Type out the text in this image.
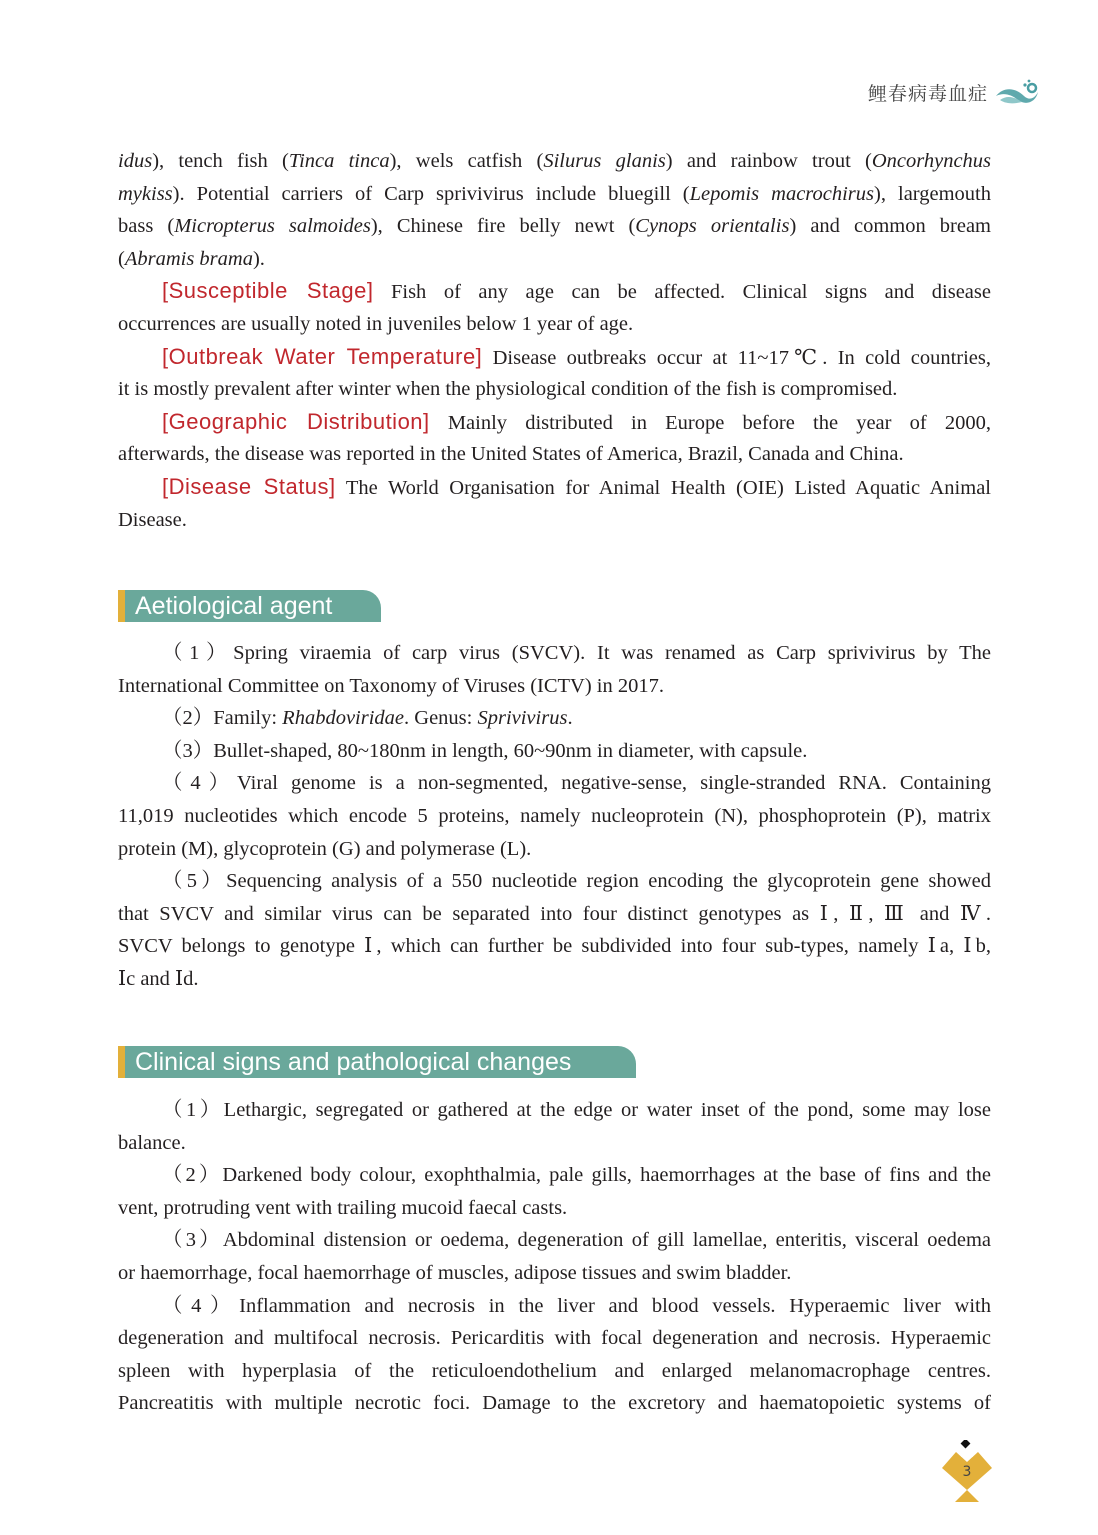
鲤春病毒血症
idus), tench fish (Tinca tinca), wels catfish (Silurus glanis) and rainbow trout (Oncorhynchus
mykiss). Potential carriers of Carp sprivivirus include bluegill (Lepomis macrochirus), largemouth
bass (Micropterus salmoides), Chinese fire belly newt (Cynops orientalis) and common bream
(Abramis brama).
[Susceptible Stage] Fish of any age can be affected. Clinical signs and disease
occurrences are usually noted in juveniles below 1 year of age.
[Outbreak Water Temperature] Disease outbreaks occur at 11~17℃. In cold countries,
it is mostly prevalent after winter when the physiological condition of the fish is compromised.
[Geographic Distribution] Mainly distributed in Europe before the year of 2000,
afterwards, the disease was reported in the United States of America, Brazil, Canada and China.
[Disease Status] The World Organisation for Animal Health (OIE) Listed Aquatic Animal
Disease.
Aetiological agent
（1）Spring viraemia of carp virus (SVCV). It was renamed as Carp sprivivirus by The
International Committee on Taxonomy of Viruses (ICTV) in 2017.
（2）Family: Rhabdoviridae. Genus: Sprivivirus.
（3）Bullet-shaped, 80~180nm in length, 60~90nm in diameter, with capsule.
（4）Viral genome is a non-segmented, negative-sense, single-stranded RNA. Containing
11,019 nucleotides which encode 5 proteins, namely nucleoprotein (N), phosphoprotein (P), matrix
protein (M), glycoprotein (G) and polymerase (L).
（5）Sequencing analysis of a 550 nucleotide region encoding the glycoprotein gene showed
that SVCV and similar virus can be separated into four distinct genotypes as Ⅰ, Ⅱ, Ⅲ and Ⅳ.
SVCV belongs to genotype Ⅰ, which can further be subdivided into four sub-types, namely Ⅰa, Ⅰb,
Ⅰc and Ⅰd.
Clinical signs and pathological changes
（1）Lethargic, segregated or gathered at the edge or water inset of the pond, some may lose
balance.
（2）Darkened body colour, exophthalmia, pale gills, haemorrhages at the base of fins and the
vent, protruding vent with trailing mucoid faecal casts.
（3）Abdominal distension or oedema, degeneration of gill lamellae, enteritis, visceral oedema
or haemorrhage, focal haemorrhage of muscles, adipose tissues and swim bladder.
（4）Inflammation and necrosis in the liver and blood vessels. Hyperaemic liver with
degeneration and multifocal necrosis. Pericarditis with focal degeneration and necrosis. Hyperaemic
spleen with hyperplasia of the reticuloendothelium and enlarged melanomacrophage centres.
Pancreatitis with multiple necrotic foci. Damage to the excretory and haematopoietic systems of
3
